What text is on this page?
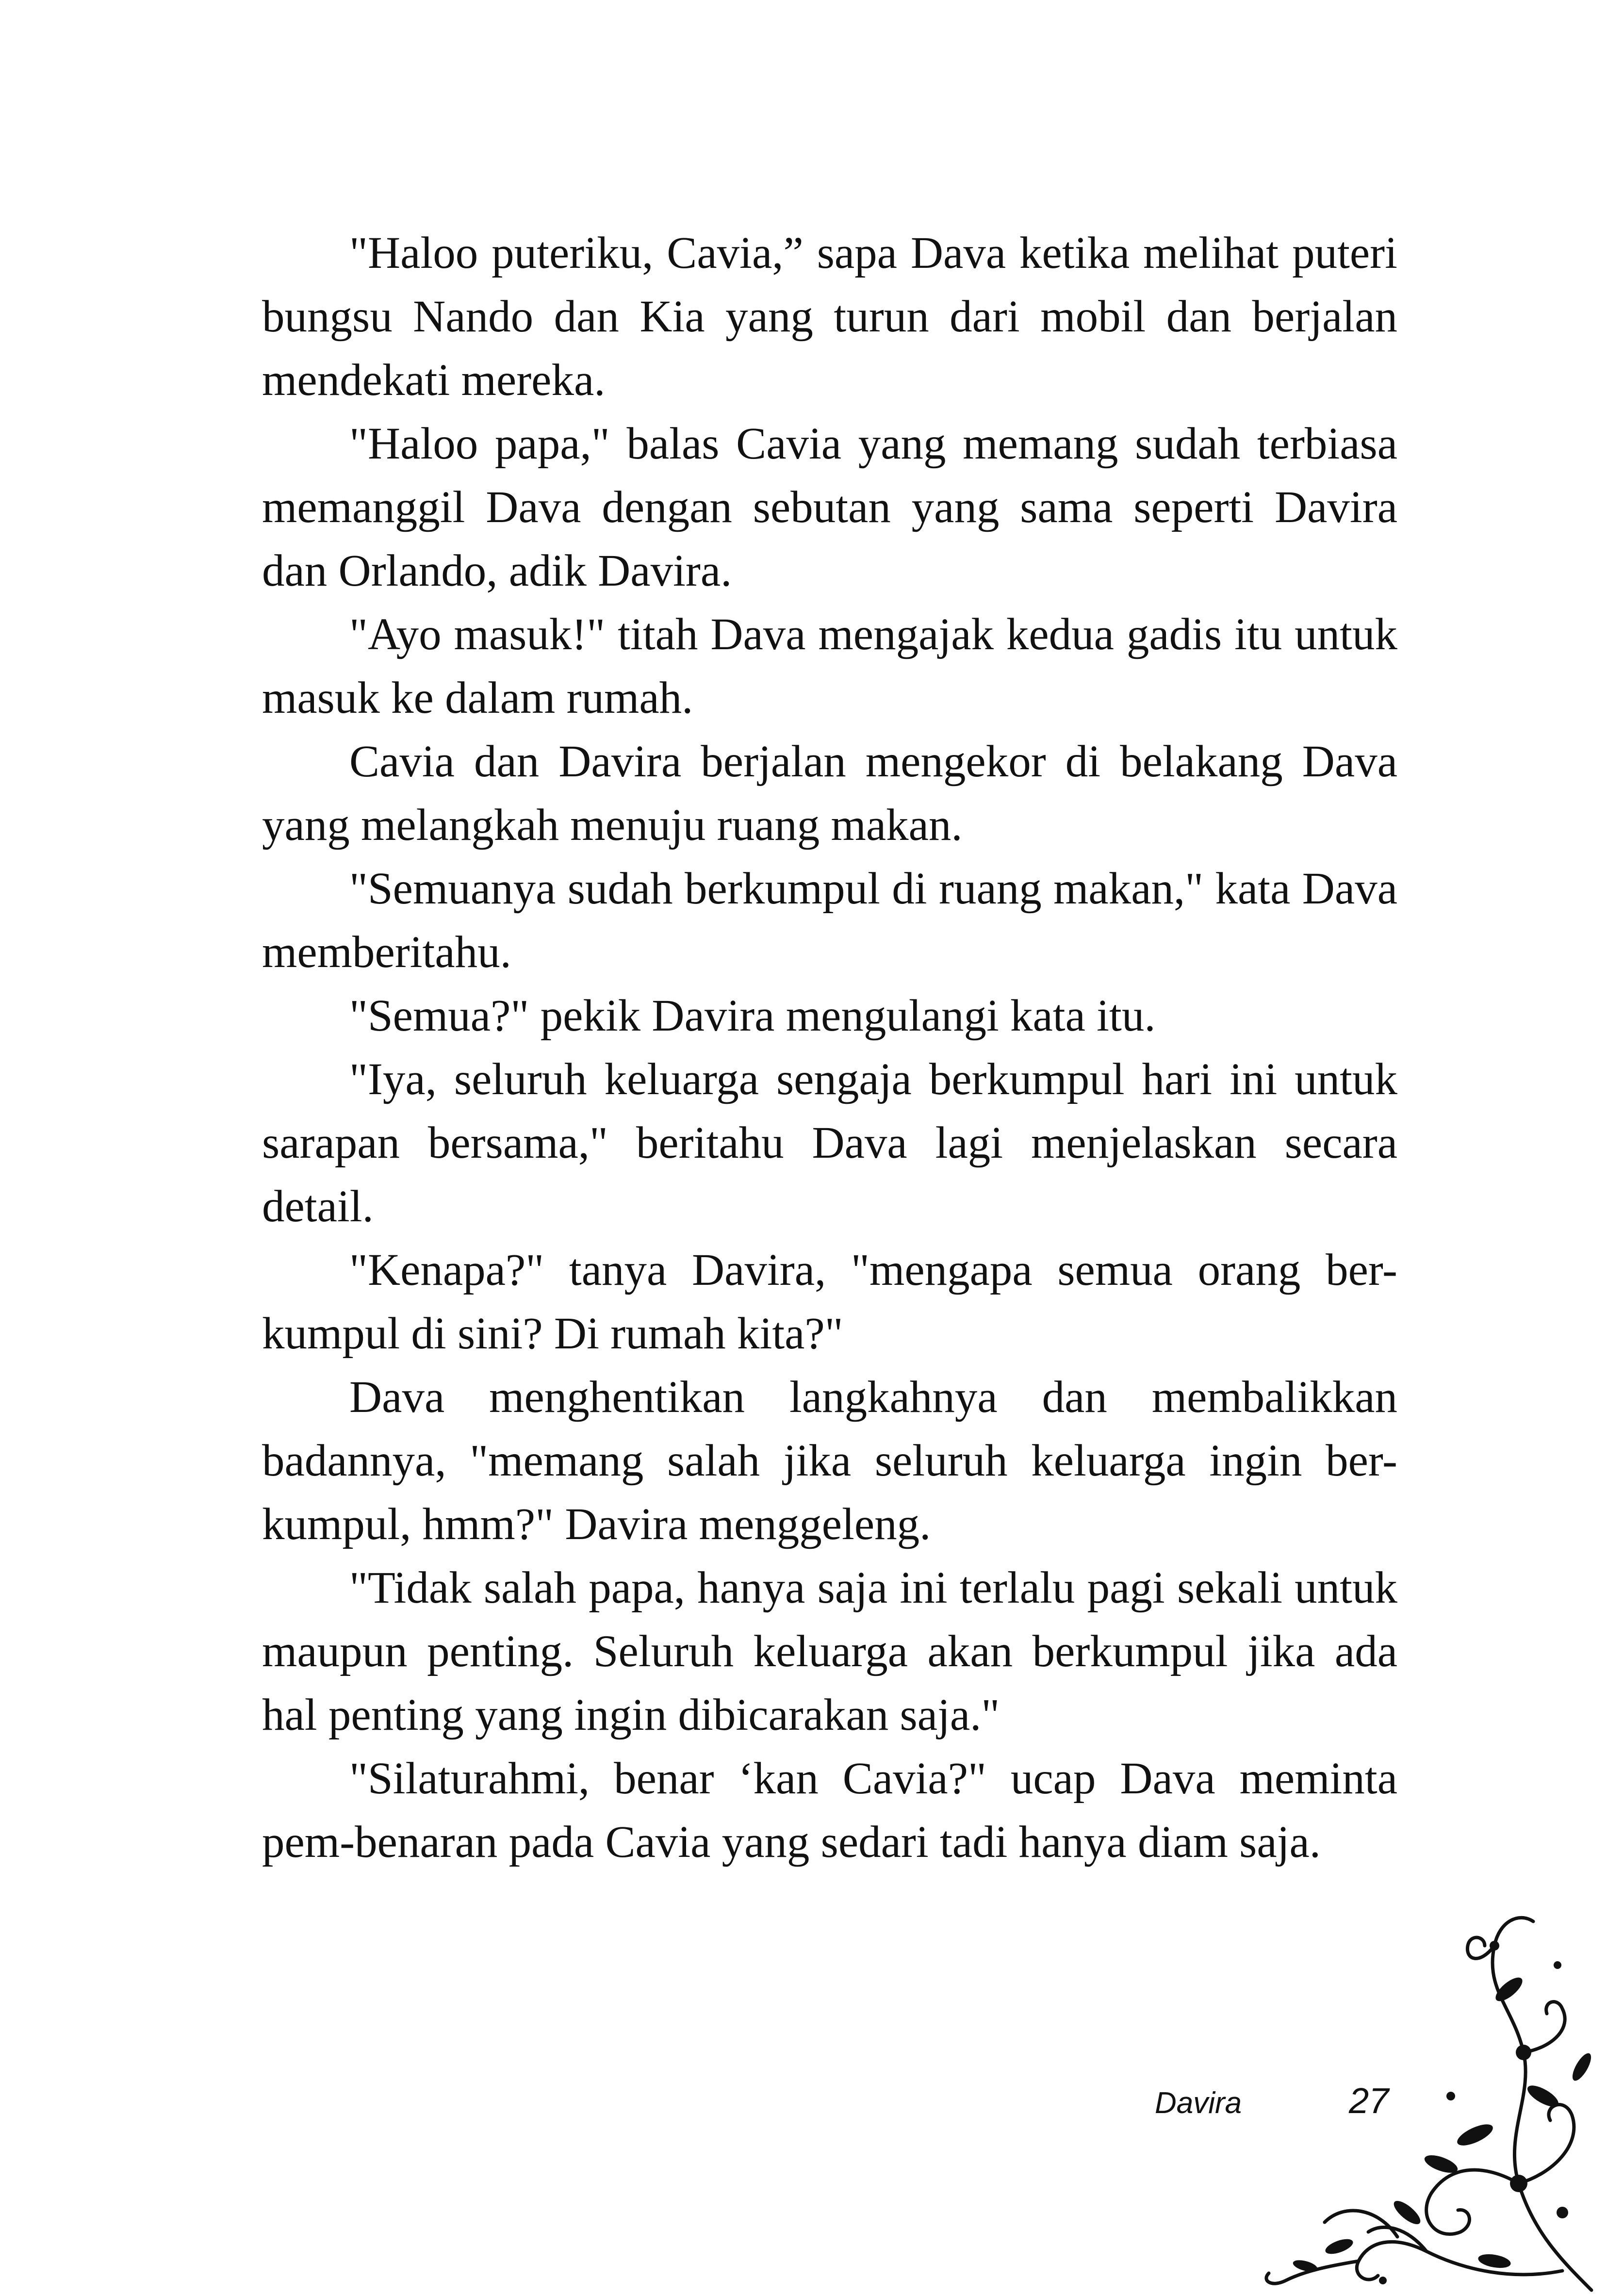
"Haloo puteriku, Cavia,” sapa Dava ketika melihat puteri bungsu Nando dan Kia yang turun dari mobil dan berjalan mendekati mereka.

"Haloo papa," balas Cavia yang memang sudah terbiasa memanggil Dava dengan sebutan yang sama seperti Davira dan Orlando, adik Davira.

"Ayo masuk!" titah Dava mengajak kedua gadis itu untuk masuk ke dalam rumah.

Cavia dan Davira berjalan mengekor di belakang Dava yang melangkah menuju ruang makan.

"Semuanya sudah berkumpul di ruang makan," kata Dava memberitahu.

"Semua?" pekik Davira mengulangi kata itu.

"Iya, seluruh keluarga sengaja berkumpul hari ini untuk sarapan bersama," beritahu Dava lagi menjelaskan secara detail.

"Kenapa?" tanya Davira, "mengapa semua orang ber-kumpul di sini? Di rumah kita?"

Dava menghentikan langkahnya dan membalikkan badannya, "memang salah jika seluruh keluarga ingin ber-kumpul, hmm?" Davira menggeleng.

"Tidak salah papa, hanya saja ini terlalu pagi sekali untuk maupun penting. Seluruh keluarga akan berkumpul jika ada hal penting yang ingin dibicarakan saja."

"Silaturahmi, benar ‘kan Cavia?" ucap Dava meminta pem-benaran pada Cavia yang sedari tadi hanya diam saja.

Davira	27
